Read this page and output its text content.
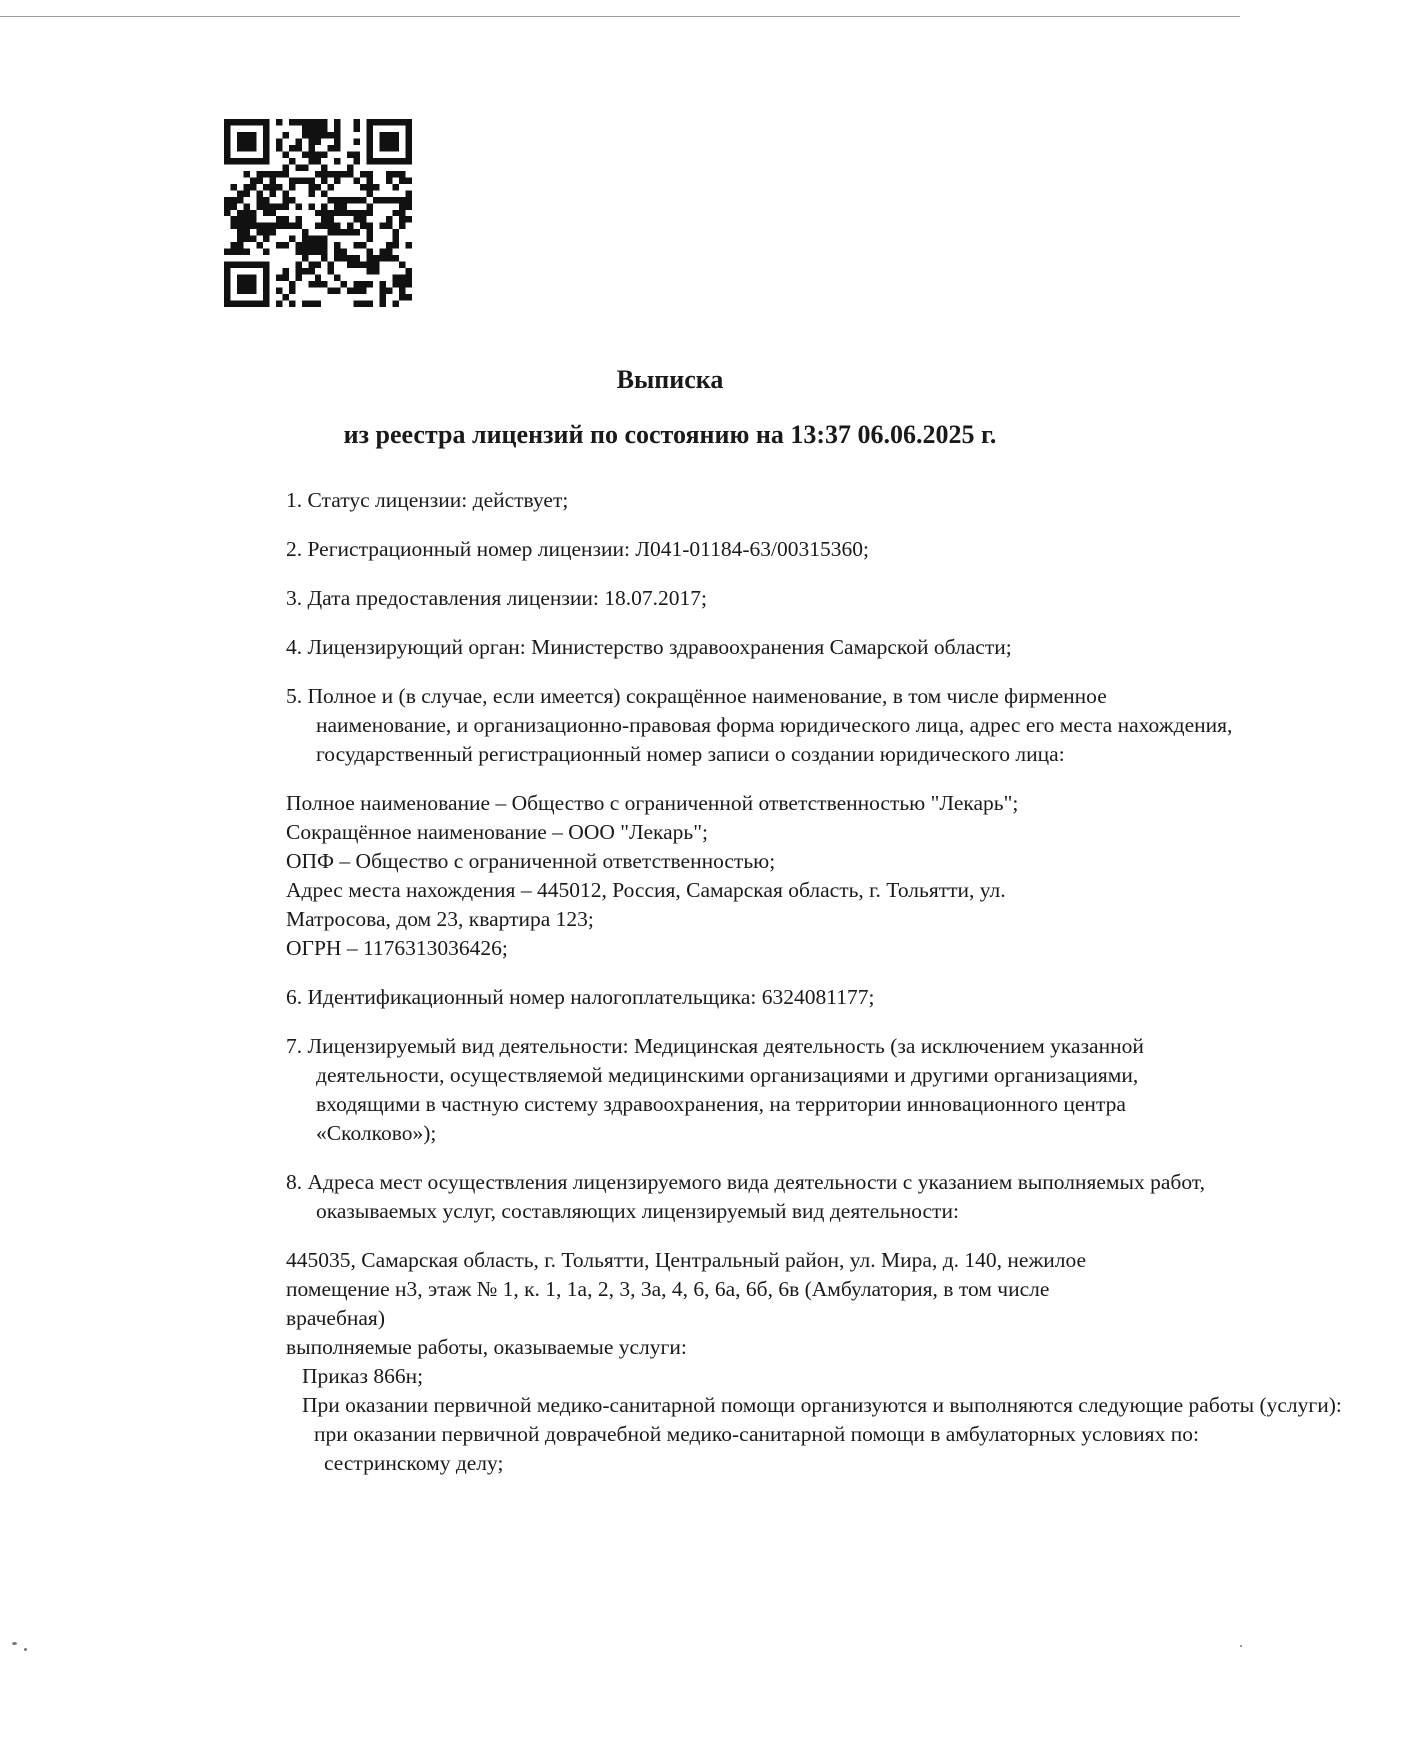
Выписка
из реестра лицензий по состоянию на 13:37 06.06.2025 г.
1. Статус лицензии: действует;
2. Регистрационный номер лицензии: Л041-01184-63/00315360;
3. Дата предоставления лицензии: 18.07.2017;
4. Лицензирующий орган: Министерство здравоохранения Самарской области;
5. Полное и (в случае, если имеется) сокращённое наименование, в том числе фирменное наименование, и организационно-правовая форма юридического лица, адрес его места нахождения, государственный регистрационный номер записи о создании юридического лица:
Полное наименование – Общество с ограниченной ответственностью "Лекарь";
Сокращённое наименование – ООО "Лекарь";
ОПФ – Общество с ограниченной ответственностью;
Адрес места нахождения – 445012, Россия, Самарская область, г. Тольятти, ул.
Матросова, дом 23, квартира 123;
ОГРН – 1176313036426;
6. Идентификационный номер налогоплательщика: 6324081177;
7. Лицензируемый вид деятельности: Медицинская деятельность (за исключением указанной деятельности, осуществляемой медицинскими организациями и другими организациями, входящими в частную систему здравоохранения, на территории инновационного центра «Сколково»);
8. Адреса мест осуществления лицензируемого вида деятельности с указанием выполняемых работ, оказываемых услуг, составляющих лицензируемый вид деятельности:
445035, Самарская область, г. Тольятти, Центральный район, ул. Мира, д. 140, нежилое
помещение н3, этаж № 1, к. 1, 1а, 2, 3, 3а, 4, 6, 6а, 6б, 6в (Амбулатория, в том числе
врачебная)
выполняемые работы, оказываемые услуги:
Приказ 866н;
При оказании первичной медико-санитарной помощи организуются и выполняются следующие работы (услуги):
при оказании первичной доврачебной медико-санитарной помощи в амбулаторных условиях по:
сестринскому делу;
